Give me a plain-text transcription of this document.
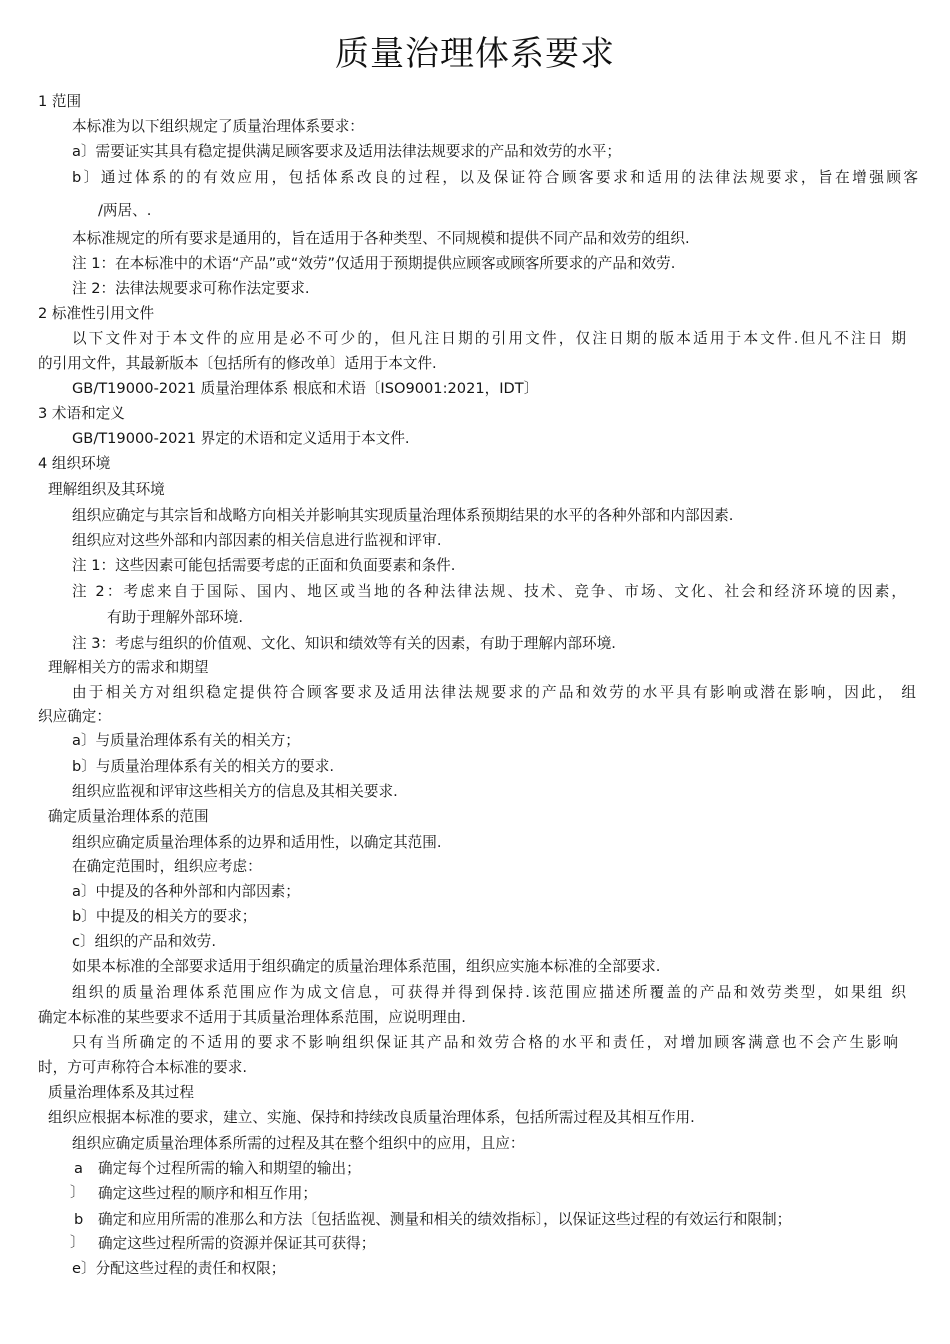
质量治理体系要求
1 范围
本标准为以下组织规定了质量治理体系要求：
a〕需要证实其具有稳定提供满足顾客要求及适用法律法规要求的产品和效劳的水平；
b〕通过体系的的有效应用，包括体系改良的过程，以及保证符合顾客要求和适用的法律法规要求，旨在增强顾客
/两居、.
本标准规定的所有要求是通用的，旨在适用于各种类型、不同规模和提供不同产品和效劳的组织.
注 1：在本标准中的术语“产品”或“效劳”仅适用于预期提供应顾客或顾客所要求的产品和效劳.
注 2：法律法规要求可称作法定要求.
2 标准性引用文件
以下文件对于本文件的应用是必不可少的，但凡注日期的引用文件，仅注日期的版本适用于本文件.但凡不注日 期
的引用文件，其最新版本〔包括所有的修改单〕适用于本文件.
GB/T19000-2021 质量治理体系 根底和术语〔ISO9001:2021，IDT〕
3 术语和定义
GB/T19000-2021 界定的术语和定义适用于本文件.
4 组织环境
理解组织及其环境
组织应确定与其宗旨和战略方向相关并影响其实现质量治理体系预期结果的水平的各种外部和内部因素.
组织应对这些外部和内部因素的相关信息进行监视和评审.
注 1：这些因素可能包括需要考虑的正面和负面要素和条件.
注 2：考虑来自于国际、国内、地区或当地的各种法律法规、技术、竞争、市场、文化、社会和经济环境的因素，
有助于理解外部环境.
注 3：考虑与组织的价值观、文化、知识和绩效等有关的因素，有助于理解内部环境.
理解相关方的需求和期望
由于相关方对组织稳定提供符合顾客要求及适用法律法规要求的产品和效劳的水平具有影响或潜在影响，因此， 组
织应确定：
a〕与质量治理体系有关的相关方；
b〕与质量治理体系有关的相关方的要求.
组织应监视和评审这些相关方的信息及其相关要求.
确定质量治理体系的范围
组织应确定质量治理体系的边界和适用性，以确定其范围.
在确定范围时，组织应考虑：
a〕中提及的各种外部和内部因素；
b〕中提及的相关方的要求；
c〕组织的产品和效劳.
如果本标准的全部要求适用于组织确定的质量治理体系范围，组织应实施本标准的全部要求.
组织的质量治理体系范围应作为成文信息，可获得并得到保持.该范围应描述所覆盖的产品和效劳类型，如果组 织
确定本标准的某些要求不适用于其质量治理体系范围，应说明理由.
只有当所确定的不适用的要求不影响组织保证其产品和效劳合格的水平和责任，对增加顾客满意也不会产生影响
时，方可声称符合本标准的要求.
质量治理体系及其过程
组织应根据本标准的要求，建立、实施、保持和持续改良质量治理体系，包括所需过程及其相互作用.
组织应确定质量治理体系所需的过程及其在整个组织中的应用，且应：
a 确定每个过程所需的输入和期望的输出；
〕 确定这些过程的顺序和相互作用；
b 确定和应用所需的准那么和方法〔包括监视、测量和相关的绩效指标〕，以保证这些过程的有效运行和限制；
〕 确定这些过程所需的资源并保证其可获得；
e〕分配这些过程的责任和权限；
